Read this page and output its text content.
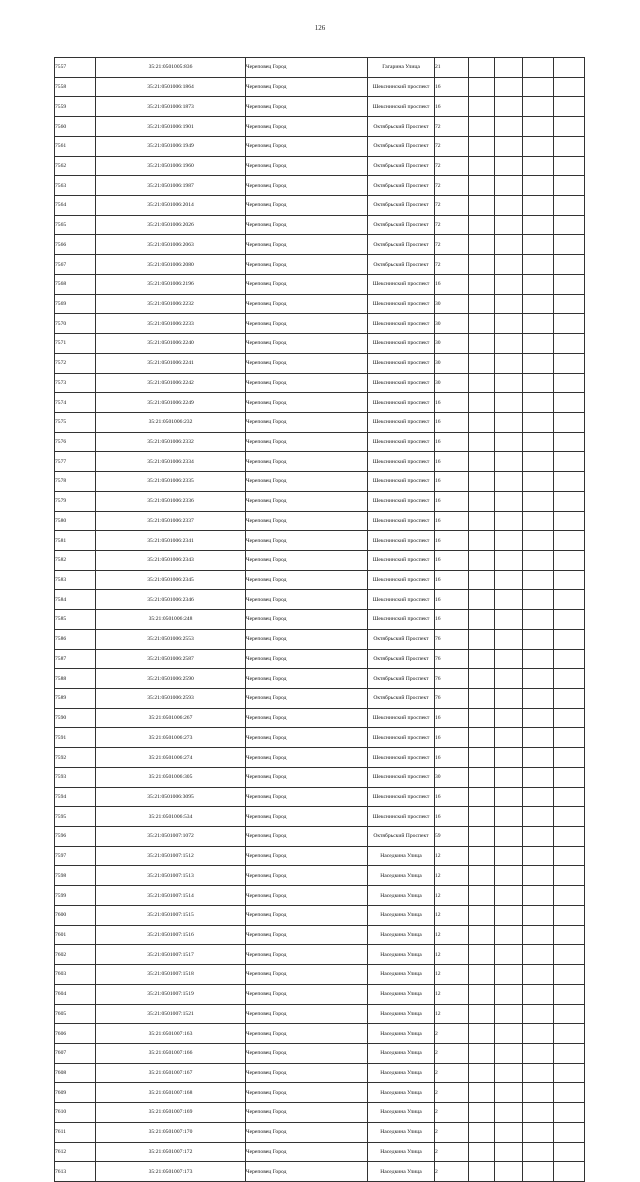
126
7557	35:21:0501005:836	Череповец Город	Гагарина Улица	21				
7558	35:21:0501006:1864	Череповец Город	Шекснинский проспект	16				
7559	35:21:0501006:1873	Череповец Город	Шекснинский проспект	16				
7560	35:21:0501006:1901	Череповец Город	Октябрьский Проспект	72				
7561	35:21:0501006:1949	Череповец Город	Октябрьский Проспект	72				
7562	35:21:0501006:1960	Череповец Город	Октябрьский Проспект	72				
7563	35:21:0501006:1987	Череповец Город	Октябрьский Проспект	72				
7564	35:21:0501006:2014	Череповец Город	Октябрьский Проспект	72				
7565	35:21:0501006:2026	Череповец Город	Октябрьский Проспект	72				
7566	35:21:0501006:2063	Череповец Город	Октябрьский Проспект	72				
7567	35:21:0501006:2080	Череповец Город	Октябрьский Проспект	72				
7568	35:21:0501006:2196	Череповец Город	Шекснинский проспект	16				
7569	35:21:0501006:2232	Череповец Город	Шекснинский проспект	30				
7570	35:21:0501006:2233	Череповец Город	Шекснинский проспект	30				
7571	35:21:0501006:2240	Череповец Город	Шекснинский проспект	30				
7572	35:21:0501006:2241	Череповец Город	Шекснинский проспект	30				
7573	35:21:0501006:2242	Череповец Город	Шекснинский проспект	30				
7574	35:21:0501006:2249	Череповец Город	Шекснинский проспект	16				
7575	35:21:0501006:232	Череповец Город	Шекснинский проспект	16				
7576	35:21:0501006:2332	Череповец Город	Шекснинский проспект	16				
7577	35:21:0501006:2334	Череповец Город	Шекснинский проспект	16				
7578	35:21:0501006:2335	Череповец Город	Шекснинский проспект	16				
7579	35:21:0501006:2336	Череповец Город	Шекснинский проспект	16				
7580	35:21:0501006:2337	Череповец Город	Шекснинский проспект	16				
7581	35:21:0501006:2341	Череповец Город	Шекснинский проспект	16				
7582	35:21:0501006:2343	Череповец Город	Шекснинский проспект	16				
7583	35:21:0501006:2345	Череповец Город	Шекснинский проспект	16				
7584	35:21:0501006:2346	Череповец Город	Шекснинский проспект	16				
7585	35:21:0501006:248	Череповец Город	Шекснинский проспект	16				
7586	35:21:0501006:2553	Череповец Город	Октябрьский Проспект	76				
7587	35:21:0501006:2587	Череповец Город	Октябрьский Проспект	76				
7588	35:21:0501006:2590	Череповец Город	Октябрьский Проспект	76				
7589	35:21:0501006:2593	Череповец Город	Октябрьский Проспект	76				
7590	35:21:0501006:267	Череповец Город	Шекснинский проспект	16				
7591	35:21:0501006:273	Череповец Город	Шекснинский проспект	16				
7592	35:21:0501006:274	Череповец Город	Шекснинский проспект	16				
7593	35:21:0501006:305	Череповец Город	Шекснинский проспект	30				
7594	35:21:0501006:3095	Череповец Город	Шекснинский проспект	16				
7595	35:21:0501006:534	Череповец Город	Шекснинский проспект	16				
7596	35:21:0501007:1072	Череповец Город	Октябрьский Проспект	59				
7597	35:21:0501007:1512	Череповец Город	Наседкина Улица	12				
7598	35:21:0501007:1513	Череповец Город	Наседкина Улица	12				
7599	35:21:0501007:1514	Череповец Город	Наседкина Улица	12				
7600	35:21:0501007:1515	Череповец Город	Наседкина Улица	12				
7601	35:21:0501007:1516	Череповец Город	Наседкина Улица	12				
7602	35:21:0501007:1517	Череповец Город	Наседкина Улица	12				
7603	35:21:0501007:1518	Череповец Город	Наседкина Улица	12				
7604	35:21:0501007:1519	Череповец Город	Наседкина Улица	12				
7605	35:21:0501007:1521	Череповец Город	Наседкина Улица	12				
7606	35:21:0501007:163	Череповец Город	Наседкина Улица	2				
7607	35:21:0501007:166	Череповец Город	Наседкина Улица	2				
7608	35:21:0501007:167	Череповец Город	Наседкина Улица	2				
7609	35:21:0501007:168	Череповец Город	Наседкина Улица	2				
7610	35:21:0501007:169	Череповец Город	Наседкина Улица	2				
7611	35:21:0501007:170	Череповец Город	Наседкина Улица	2				
7612	35:21:0501007:172	Череповец Город	Наседкина Улица	2				
7613	35:21:0501007:173	Череповец Город	Наседкина Улица	2				
